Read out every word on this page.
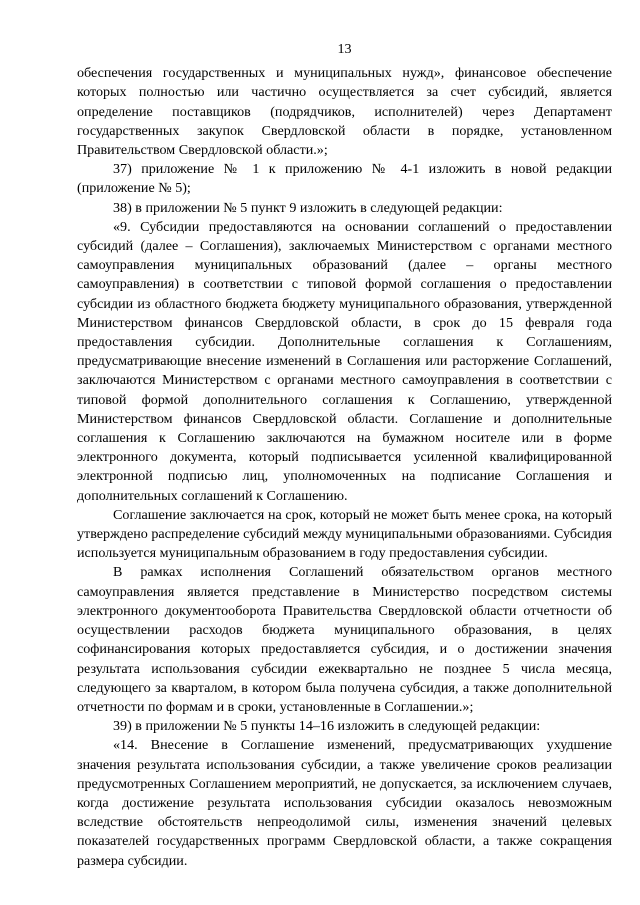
13

обеспечения государственных и муниципальных нужд», финансовое обеспечение которых полностью или частично осуществляется за счет субсидий, является определение поставщиков (подрядчиков, исполнителей) через Департамент государственных закупок Свердловской области в порядке, установленном Правительством Свердловской области.»;

37) приложение № 1 к приложению № 4-1 изложить в новой редакции (приложение № 5);

38) в приложении № 5 пункт 9 изложить в следующей редакции:

«9. Субсидии предоставляются на основании соглашений о предоставлении субсидий (далее – Соглашения), заключаемых Министерством с органами местного самоуправления муниципальных образований (далее – органы местного самоуправления) в соответствии с типовой формой соглашения о предоставлении субсидии из областного бюджета бюджету муниципального образования, утвержденной Министерством финансов Свердловской области, в срок до 15 февраля года предоставления субсидии. Дополнительные соглашения к Соглашениям, предусматривающие внесение изменений в Соглашения или расторжение Соглашений, заключаются Министерством с органами местного самоуправления в соответствии с типовой формой дополнительного соглашения к Соглашению, утвержденной Министерством финансов Свердловской области. Соглашение и дополнительные соглашения к Соглашению заключаются на бумажном носителе или в форме электронного документа, который подписывается усиленной квалифицированной электронной подписью лиц, уполномоченных на подписание Соглашения и дополнительных соглашений к Соглашению.

Соглашение заключается на срок, который не может быть менее срока, на который утверждено распределение субсидий между муниципальными образованиями. Субсидия используется муниципальным образованием в году предоставления субсидии.

В рамках исполнения Соглашений обязательством органов местного самоуправления является представление в Министерство посредством системы электронного документооборота Правительства Свердловской области отчетности об осуществлении расходов бюджета муниципального образования, в целях софинансирования которых предоставляется субсидия, и о достижении значения результата использования субсидии ежеквартально не позднее 5 числа месяца, следующего за кварталом, в котором была получена субсидия, а также дополнительной отчетности по формам и в сроки, установленные в Соглашении.»;

39) в приложении № 5 пункты 14–16 изложить в следующей редакции:

«14. Внесение в Соглашение изменений, предусматривающих ухудшение значения результата использования субсидии, а также увеличение сроков реализации предусмотренных Соглашением мероприятий, не допускается, за исключением случаев, когда достижение результата использования субсидии оказалось невозможным вследствие обстоятельств непреодолимой силы, изменения значений целевых показателей государственных программ Свердловской области, а также сокращения размера субсидии.
